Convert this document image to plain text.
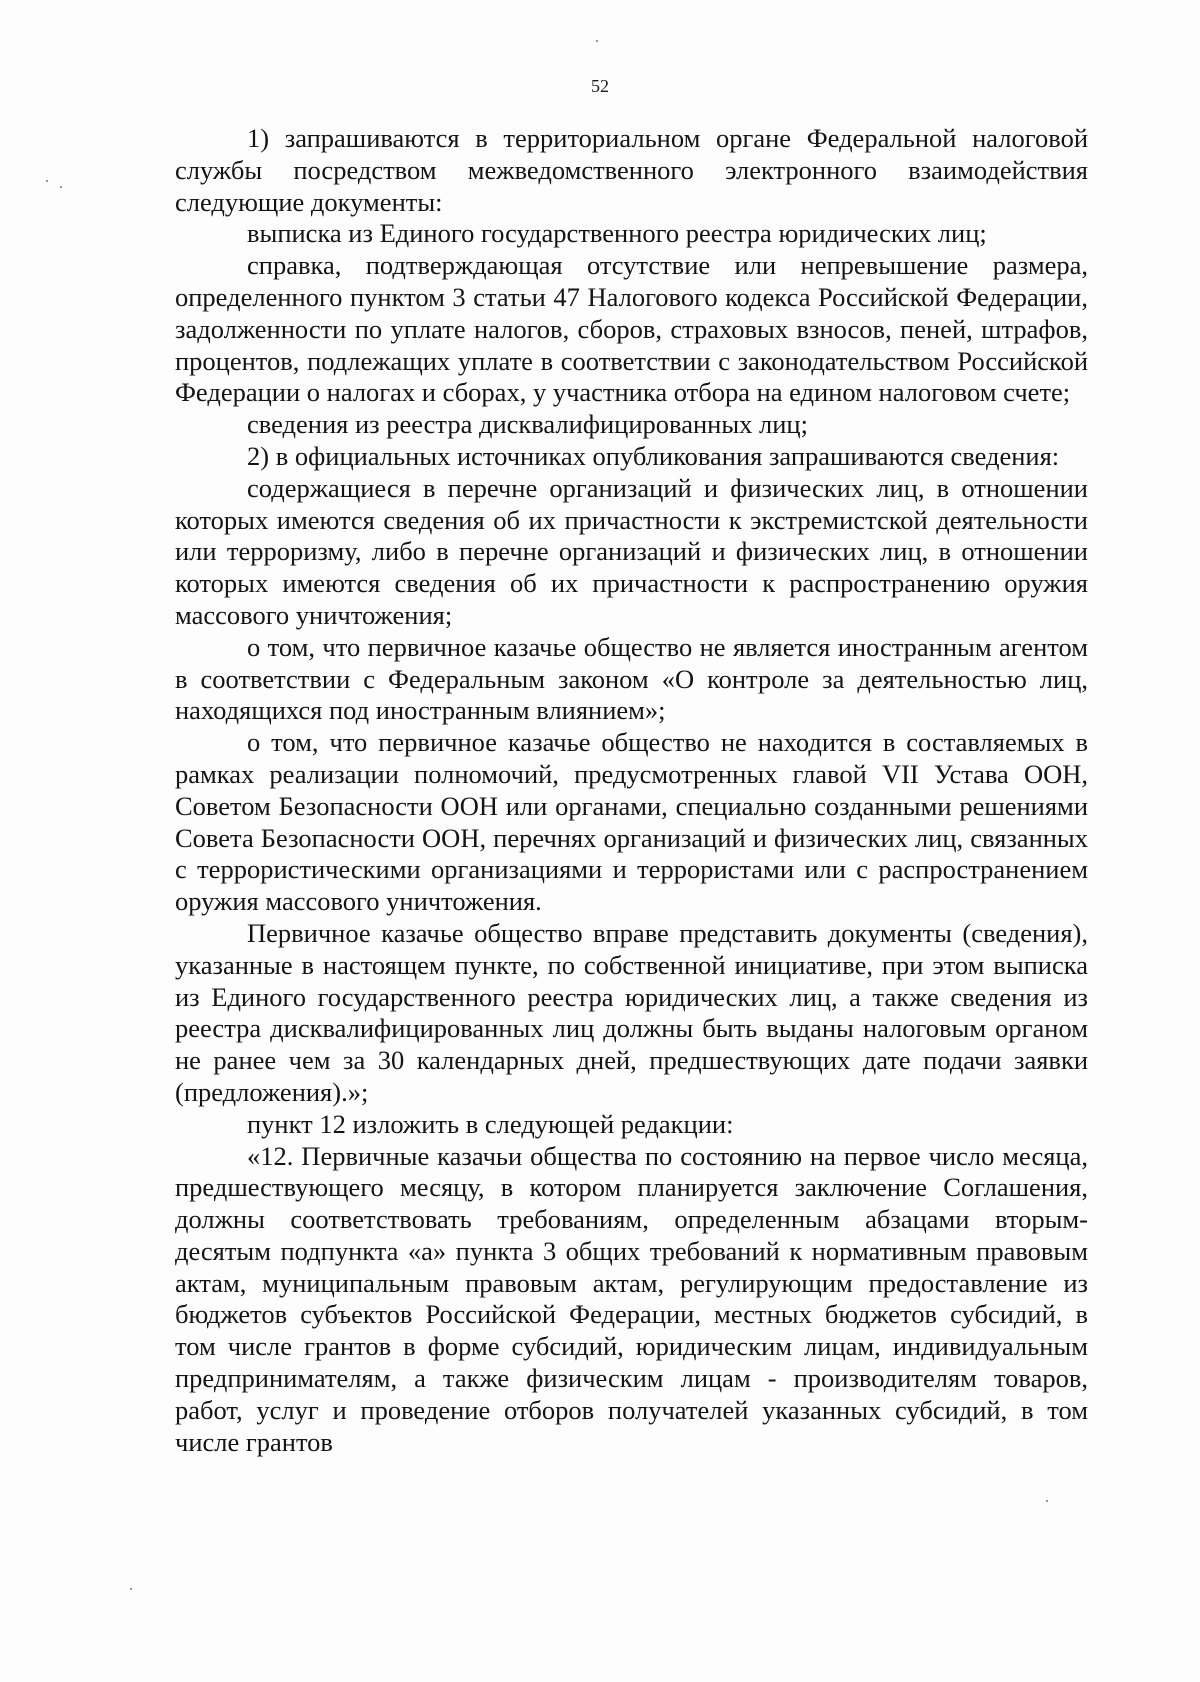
52

1) запрашиваются в территориальном органе Федеральной налоговой службы посредством межведомственного электронного взаимодействия следующие документы:

выписка из Единого государственного реестра юридических лиц;

справка, подтверждающая отсутствие или непревышение размера, определенного пунктом 3 статьи 47 Налогового кодекса Российской Федерации, задолженности по уплате налогов, сборов, страховых взносов, пеней, штрафов, процентов, подлежащих уплате в соответствии с законодательством Российской Федерации о налогах и сборах, у участника отбора на едином налоговом счете;

сведения из реестра дисквалифицированных лиц;

2) в официальных источниках опубликования запрашиваются сведения:

содержащиеся в перечне организаций и физических лиц, в отношении которых имеются сведения об их причастности к экстремистской деятельности или терроризму, либо в перечне организаций и физических лиц, в отношении которых имеются сведения об их причастности к распространению оружия массового уничтожения;

о том, что первичное казачье общество не является иностранным агентом в соответствии с Федеральным законом «О контроле за деятельностью лиц, находящихся под иностранным влиянием»;

о том, что первичное казачье общество не находится в составляемых в рамках реализации полномочий, предусмотренных главой VII Устава ООН, Советом Безопасности ООН или органами, специально созданными решениями Совета Безопасности ООН, перечнях организаций и физических лиц, связанных с террористическими организациями и террористами или с распространением оружия массового уничтожения.

Первичное казачье общество вправе представить документы (сведения), указанные в настоящем пункте, по собственной инициативе, при этом выписка из Единого государственного реестра юридических лиц, а также сведения из реестра дисквалифицированных лиц должны быть выданы налоговым органом не ранее чем за 30 календарных дней, предшествующих дате подачи заявки (предложения).»;

пункт 12 изложить в следующей редакции:

«12. Первичные казачьи общества по состоянию на первое число месяца, предшествующего месяцу, в котором планируется заключение Соглашения, должны соответствовать требованиям, определенным абзацами вторым-десятым подпункта «а» пункта 3 общих требований к нормативным правовым актам, муниципальным правовым актам, регулирующим предоставление из бюджетов субъектов Российской Федерации, местных бюджетов субсидий, в том числе грантов в форме субсидий, юридическим лицам, индивидуальным предпринимателям, а также физическим лицам - производителям товаров, работ, услуг и проведение отборов получателей указанных субсидий, в том числе грантов
